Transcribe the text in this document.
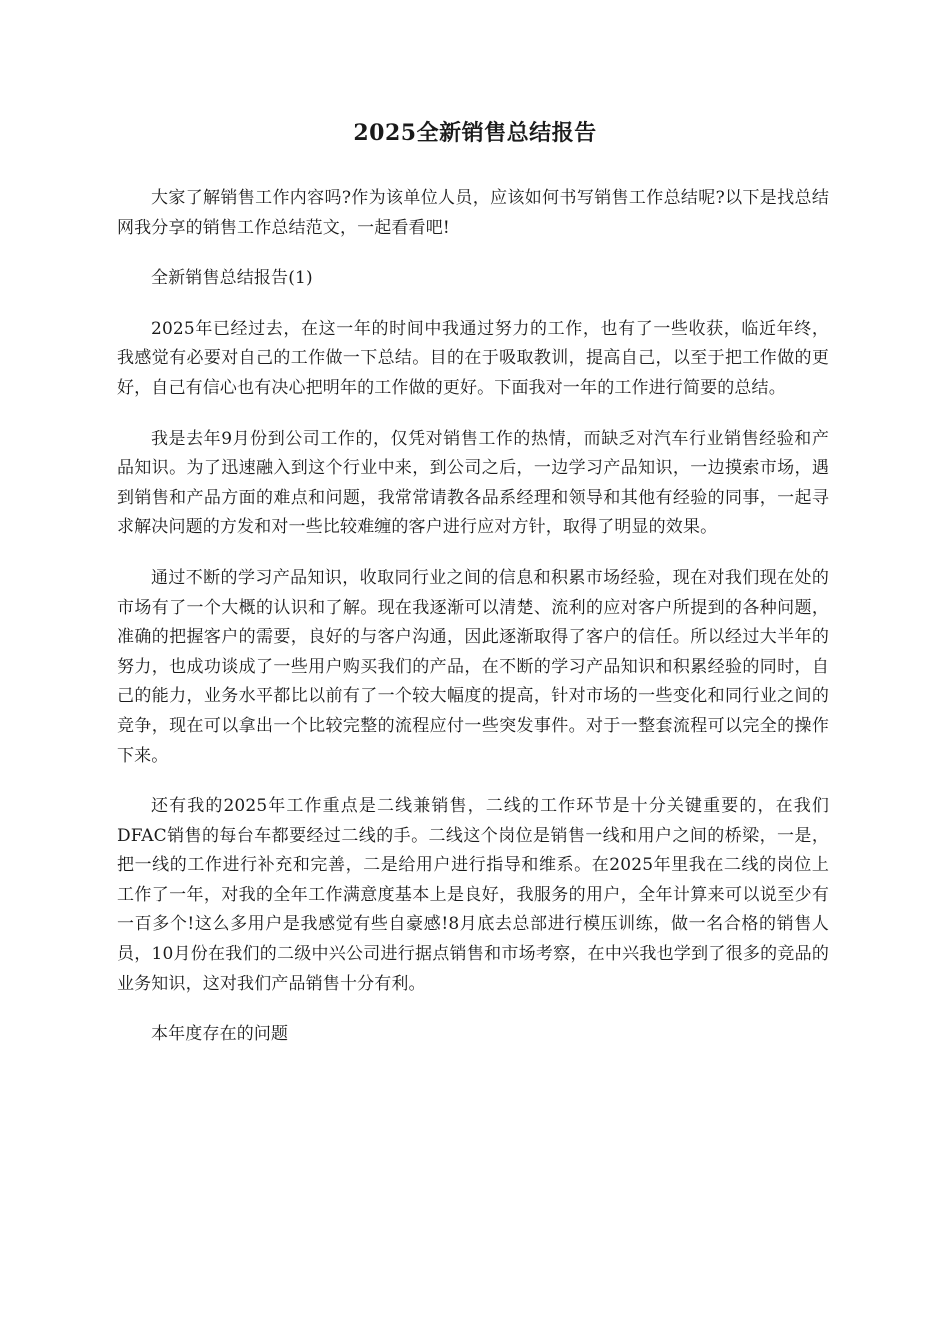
2025全新销售总结报告

大家了解销售工作内容吗?作为该单位人员，应该如何书写销售工作总结呢?以下是找总结网我分享的销售工作总结范文，一起看看吧!

全新销售总结报告(1)

2025年已经过去，在这一年的时间中我通过努力的工作，也有了一些收获，临近年终，我感觉有必要对自己的工作做一下总结。目的在于吸取教训，提高自己，以至于把工作做的更好，自己有信心也有决心把明年的工作做的更好。下面我对一年的工作进行简要的总结。

我是去年9月份到公司工作的，仅凭对销售工作的热情，而缺乏对汽车行业销售经验和产品知识。为了迅速融入到这个行业中来，到公司之后，一边学习产品知识，一边摸索市场，遇到销售和产品方面的难点和问题，我常常请教各品系经理和领导和其他有经验的同事，一起寻求解决问题的方发和对一些比较难缠的客户进行应对方针，取得了明显的效果。

通过不断的学习产品知识，收取同行业之间的信息和积累市场经验，现在对我们现在处的市场有了一个大概的认识和了解。现在我逐渐可以清楚、流利的应对客户所提到的各种问题，准确的把握客户的需要，良好的与客户沟通，因此逐渐取得了客户的信任。所以经过大半年的努力，也成功谈成了一些用户购买我们的产品，在不断的学习产品知识和积累经验的同时，自己的能力，业务水平都比以前有了一个较大幅度的提高，针对市场的一些变化和同行业之间的竞争，现在可以拿出一个比较完整的流程应付一些突发事件。对于一整套流程可以完全的操作下来。

还有我的2025年工作重点是二线兼销售，二线的工作环节是十分关键重要的，在我们DFAC销售的每台车都要经过二线的手。二线这个岗位是销售一线和用户之间的桥梁，一是，把一线的工作进行补充和完善，二是给用户进行指导和维系。在2025年里我在二线的岗位上工作了一年，对我的全年工作满意度基本上是良好，我服务的用户，全年计算来可以说至少有一百多个!这么多用户是我感觉有些自豪感!8月底去总部进行模压训练，做一名合格的销售人员，10月份在我们的二级中兴公司进行据点销售和市场考察，在中兴我也学到了很多的竞品的业务知识，这对我们产品销售十分有利。

本年度存在的问题
